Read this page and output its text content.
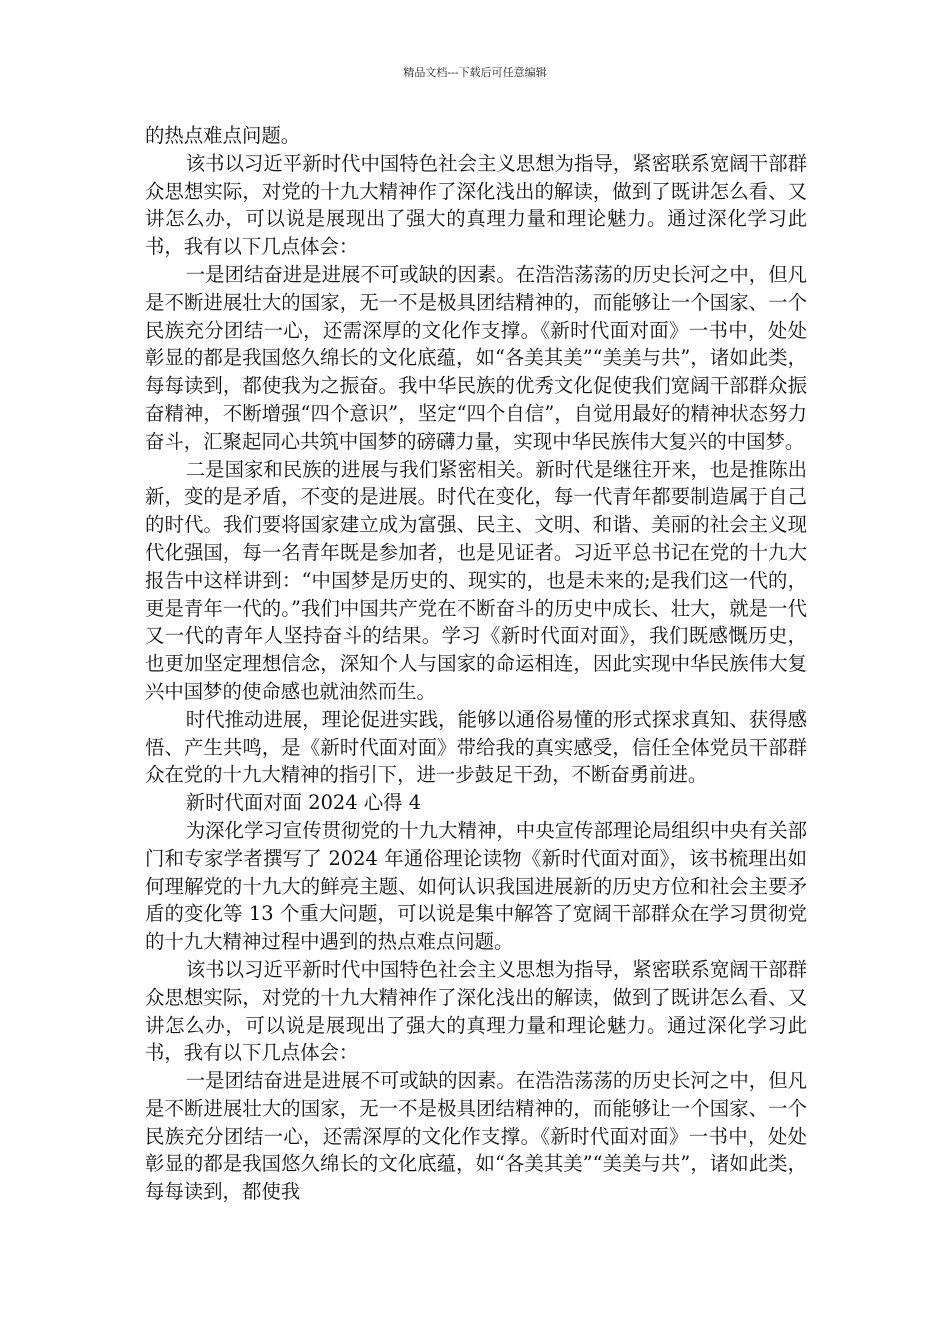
精品文档---下载后可任意编辑

的热点难点问题。

该书以习近平新时代中国特色社会主义思想为指导，紧密联系宽阔干部群众思想实际，对党的十九大精神作了深化浅出的解读，做到了既讲怎么看、又讲怎么办，可以说是展现出了强大的真理力量和理论魅力。通过深化学习此书，我有以下几点体会：

一是团结奋进是进展不可或缺的因素。在浩浩荡荡的历史长河之中，但凡是不断进展壮大的国家，无一不是极具团结精神的，而能够让一个国家、一个民族充分团结一心，还需深厚的文化作支撑。《新时代面对面》一书中，处处彰显的都是我国悠久绵长的文化底蕴，如“各美其美”“美美与共”，诸如此类，每每读到，都使我为之振奋。我中华民族的优秀文化促使我们宽阔干部群众振奋精神，不断增强“四个意识”，坚定“四个自信”，自觉用最好的精神状态努力奋斗，汇聚起同心共筑中国梦的磅礴力量，实现中华民族伟大复兴的中国梦。

二是国家和民族的进展与我们紧密相关。新时代是继往开来，也是推陈出新，变的是矛盾，不变的是进展。时代在变化，每一代青年都要制造属于自己的时代。我们要将国家建立成为富强、民主、文明、和谐、美丽的社会主义现代化强国，每一名青年既是参加者，也是见证者。习近平总书记在党的十九大报告中这样讲到：“中国梦是历史的、现实的，也是未来的;是我们这一代的，更是青年一代的。”我们中国共产党在不断奋斗的历史中成长、壮大，就是一代又一代的青年人坚持奋斗的结果。学习《新时代面对面》，我们既感慨历史，也更加坚定理想信念，深知个人与国家的命运相连，因此实现中华民族伟大复兴中国梦的使命感也就油然而生。

时代推动进展，理论促进实践，能够以通俗易懂的形式探求真知、获得感悟、产生共鸣，是《新时代面对面》带给我的真实感受，信任全体党员干部群众在党的十九大精神的指引下，进一步鼓足干劲，不断奋勇前进。

新时代面对面 2024 心得 4

为深化学习宣传贯彻党的十九大精神，中央宣传部理论局组织中央有关部门和专家学者撰写了 2024 年通俗理论读物《新时代面对面》，该书梳理出如何理解党的十九大的鲜亮主题、如何认识我国进展新的历史方位和社会主要矛盾的变化等 13 个重大问题，可以说是集中解答了宽阔干部群众在学习贯彻党的十九大精神过程中遇到的热点难点问题。

该书以习近平新时代中国特色社会主义思想为指导，紧密联系宽阔干部群众思想实际，对党的十九大精神作了深化浅出的解读，做到了既讲怎么看、又讲怎么办，可以说是展现出了强大的真理力量和理论魅力。通过深化学习此书，我有以下几点体会：

一是团结奋进是进展不可或缺的因素。在浩浩荡荡的历史长河之中，但凡是不断进展壮大的国家，无一不是极具团结精神的，而能够让一个国家、一个民族充分团结一心，还需深厚的文化作支撑。《新时代面对面》一书中，处处彰显的都是我国悠久绵长的文化底蕴，如“各美其美”“美美与共”，诸如此类，每每读到，都使我
